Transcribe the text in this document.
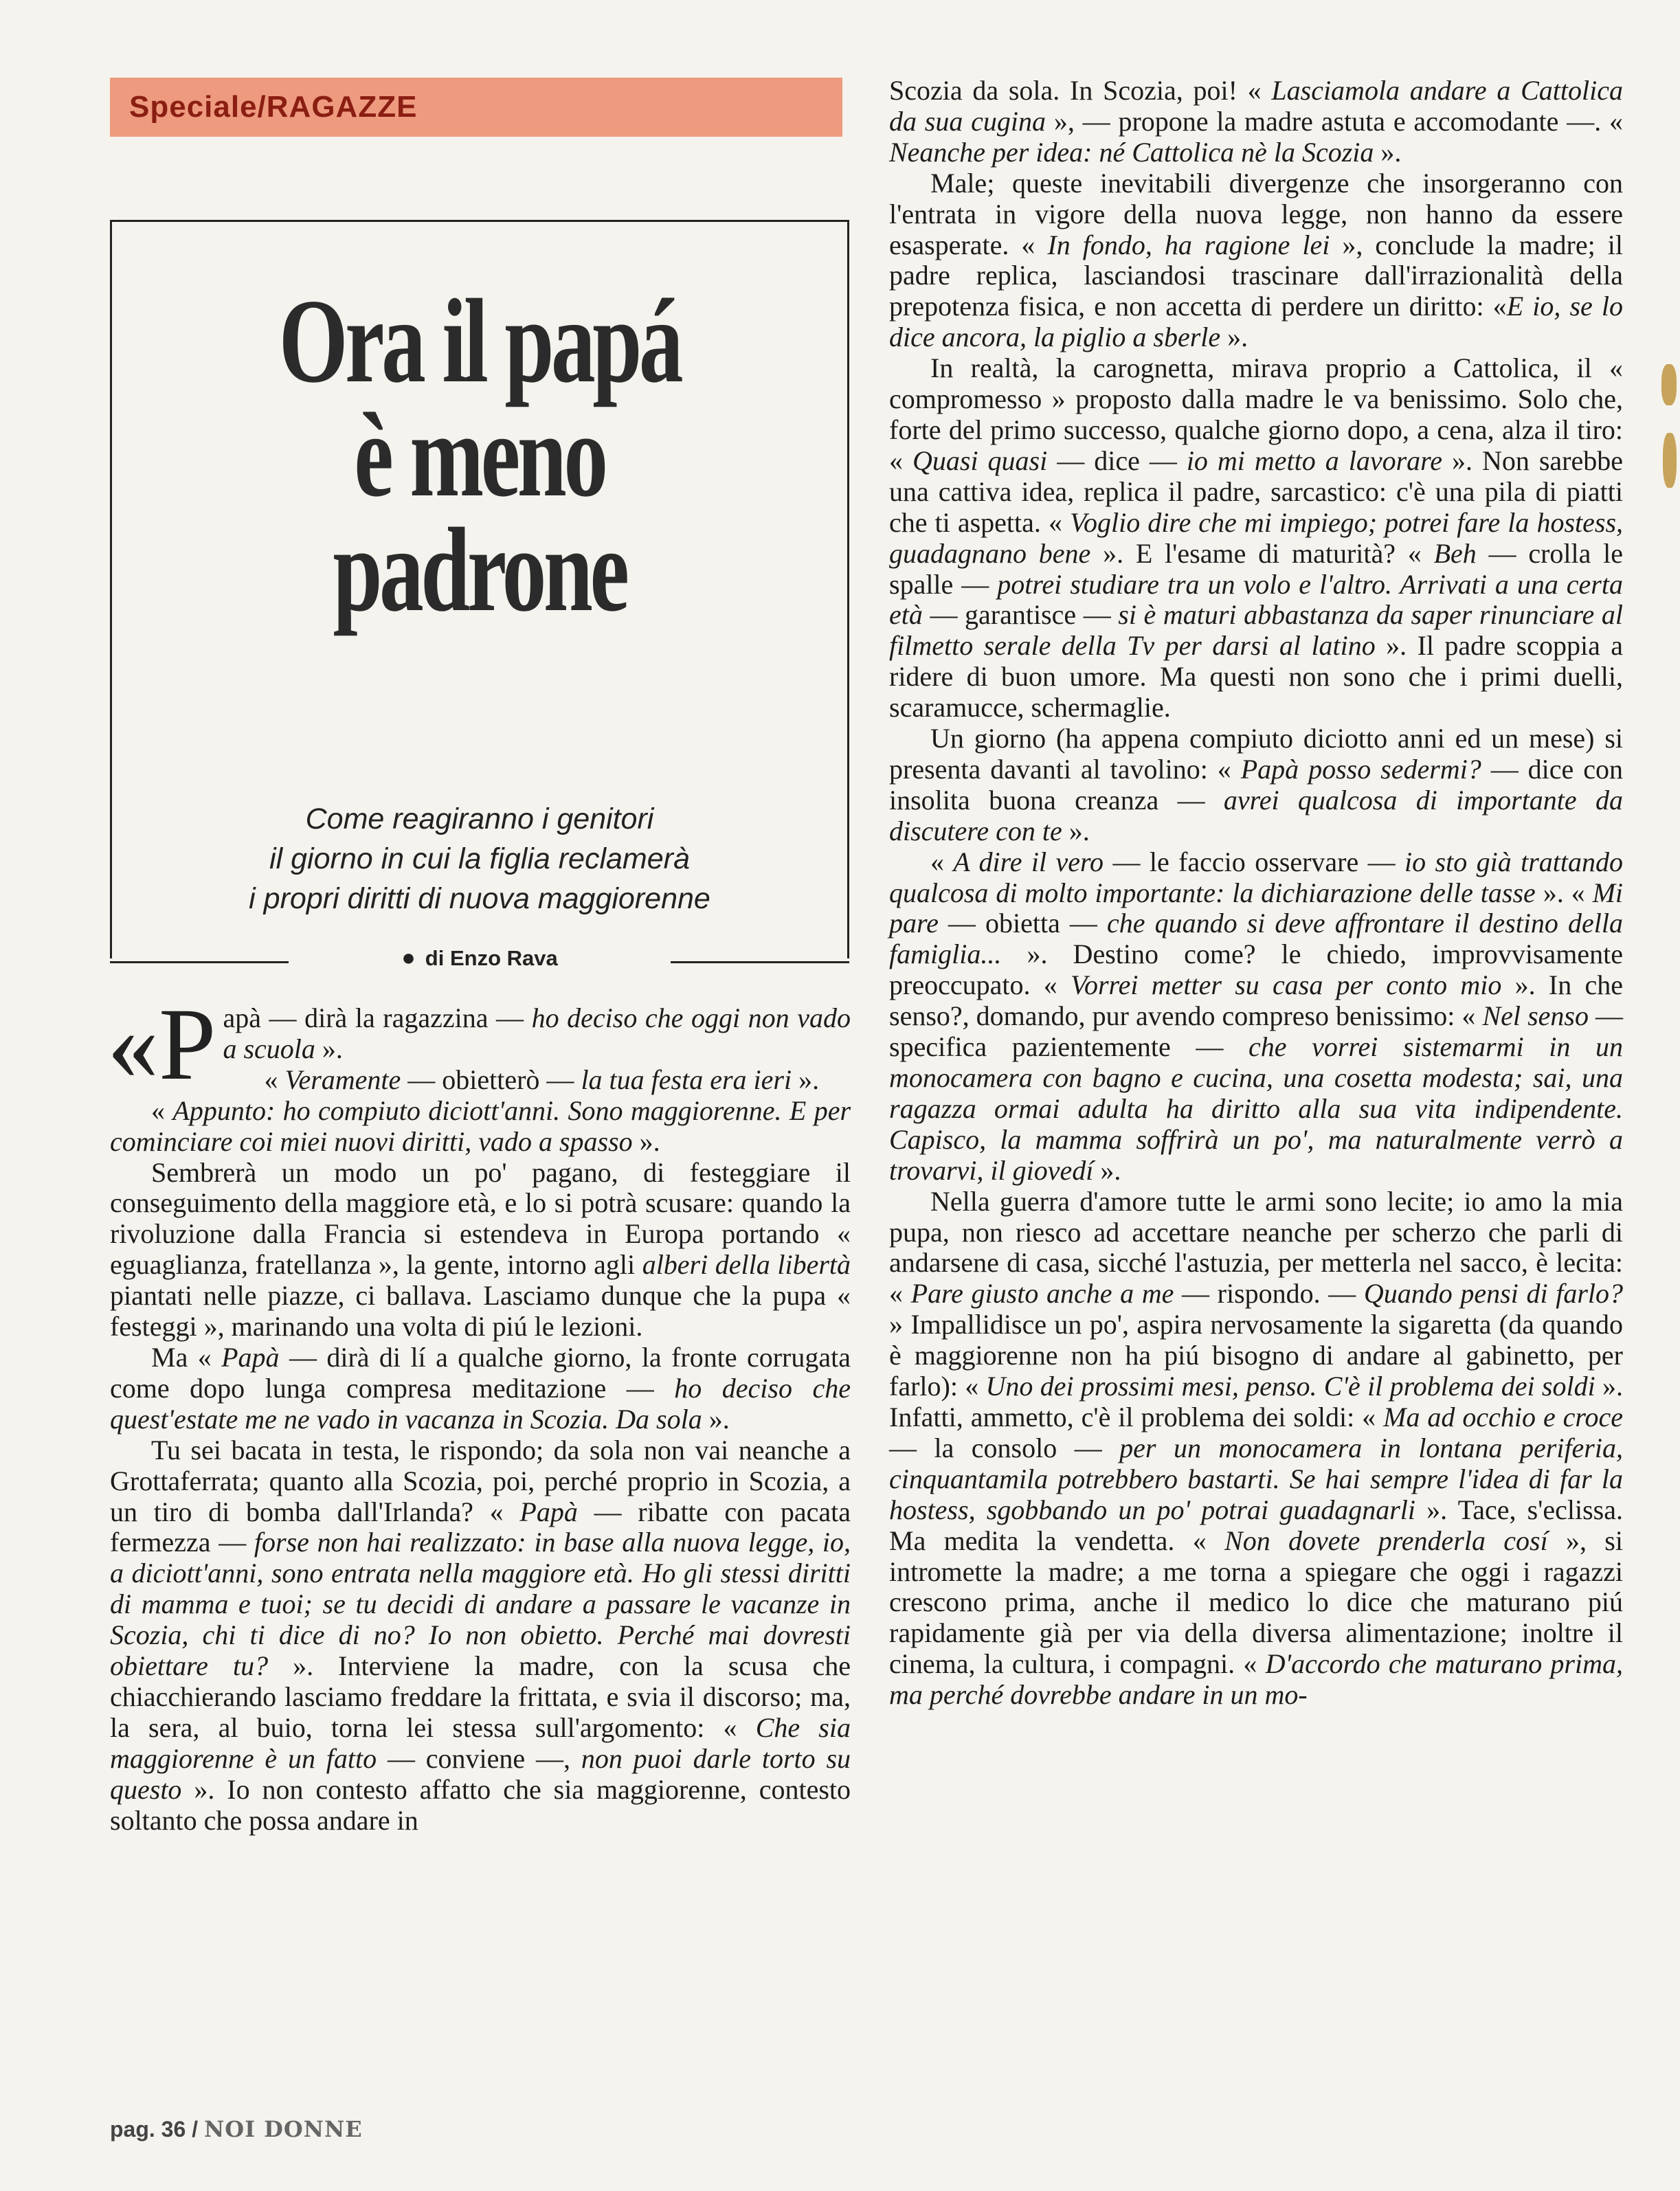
Speciale/RAGAZZE
Ora il papá
è meno
padrone
Come reagiranno i genitori
il giorno in cui la figlia reclamerà
i propri diritti di nuova maggiorenne
● di Enzo Rava

«Papà — dirà la ragazzina — ho deciso che oggi non vado a scuola ».

« Veramente — obietterò — la tua festa era ieri ».

« Appunto: ho compiuto diciott'anni. Sono maggiorenne. E per cominciare coi miei nuovi diritti, vado a spasso ».

Sembrerà un modo un po' pagano, di festeggiare il conseguimento della maggiore età, e lo si potrà scusare: quando la rivoluzione dalla Francia si estendeva in Europa portando « eguaglianza, fratellanza », la gente, intorno agli alberi della libertà piantati nelle piazze, ci ballava. Lasciamo dunque che la pupa « festeggi », marinando una volta di piú le lezioni.

Ma « Papà — dirà di lí a qualche giorno, la fronte corrugata come dopo lunga compresa meditazione — ho deciso che quest'estate me ne vado in vacanza in Scozia. Da sola ».

Tu sei bacata in testa, le rispondo; da sola non vai neanche a Grottaferrata; quanto alla Scozia, poi, perché proprio in Scozia, a un tiro di bomba dall'Irlanda? « Papà — ribatte con pacata fermezza — forse non hai realizzato: in base alla nuova legge, io, a diciott'anni, sono entrata nella maggiore età. Ho gli stessi diritti di mamma e tuoi; se tu decidi di andare a passare le vacanze in Scozia, chi ti dice di no? Io non obietto. Perché mai dovresti obiettare tu? ». Interviene la madre, con la scusa che chiacchierando lasciamo freddare la frittata, e svia il discorso; ma, la sera, al buio, torna lei stessa sull'argomento: « Che sia maggiorenne è un fatto — conviene —, non puoi darle torto su questo ». Io non contesto affatto che sia maggiorenne, contesto soltanto che possa andare in

Scozia da sola. In Scozia, poi! « Lasciamola andare a Cattolica da sua cugina », — propone la madre astuta e accomodante —. « Neanche per idea: né Cattolica nè la Scozia ».

Male; queste inevitabili divergenze che insorgeranno con l'entrata in vigore della nuova legge, non hanno da essere esasperate. « In fondo, ha ragione lei », conclude la madre; il padre replica, lasciandosi trascinare dall'irrazionalità della prepotenza fisica, e non accetta di perdere un diritto: «E io, se lo dice ancora, la piglio a sberle ».

In realtà, la carognetta, mirava proprio a Cattolica, il « compromesso » proposto dalla madre le va benissimo. Solo che, forte del primo successo, qualche giorno dopo, a cena, alza il tiro: « Quasi quasi — dice — io mi metto a lavorare ». Non sarebbe una cattiva idea, replica il padre, sarcastico: c'è una pila di piatti che ti aspetta. « Voglio dire che mi impiego; potrei fare la hostess, guadagnano bene ». E l'esame di maturità? « Beh — crolla le spalle — potrei studiare tra un volo e l'altro. Arrivati a una certa età — garantisce — si è maturi abbastanza da saper rinunciare al filmetto serale della Tv per darsi al latino ». Il padre scoppia a ridere di buon umore. Ma questi non sono che i primi duelli, scaramucce, schermaglie.

Un giorno (ha appena compiuto diciotto anni ed un mese) si presenta davanti al tavolino: « Papà posso sedermi? — dice con insolita buona creanza — avrei qualcosa di importante da discutere con te ».

« A dire il vero — le faccio osservare — io sto già trattando qualcosa di molto importante: la dichiarazione delle tasse ». « Mi pare — obietta — che quando si deve affrontare il destino della famiglia... ». Destino come? le chiedo, improvvisamente preoccupato. « Vorrei metter su casa per conto mio ». In che senso?, domando, pur avendo compreso benissimo: « Nel senso — specifica pazientemente — che vorrei sistemarmi in un monocamera con bagno e cucina, una cosetta modesta; sai, una ragazza ormai adulta ha diritto alla sua vita indipendente. Capisco, la mamma soffrirà un po', ma naturalmente verrò a trovarvi, il giovedí ».

Nella guerra d'amore tutte le armi sono lecite; io amo la mia pupa, non riesco ad accettare neanche per scherzo che parli di andarsene di casa, sicché l'astuzia, per metterla nel sacco, è lecita: « Pare giusto anche a me — rispondo. — Quando pensi di farlo? » Impallidisce un po', aspira nervosamente la sigaretta (da quando è maggiorenne non ha piú bisogno di andare al gabinetto, per farlo): « Uno dei prossimi mesi, penso. C'è il problema dei soldi ». Infatti, ammetto, c'è il problema dei soldi: « Ma ad occhio e croce — la consolo — per un monocamera in lontana periferia, cinquantamila potrebbero bastarti. Se hai sempre l'idea di far la hostess, sgobbando un po' potrai guadagnarli ». Tace, s'eclissa. Ma medita la vendetta. « Non dovete prenderla cosí », si intromette la madre; a me torna a spiegare che oggi i ragazzi crescono prima, anche il medico lo dice che maturano piú rapidamente già per via della diversa alimentazione; inoltre il cinema, la cultura, i compagni. « D'accordo che maturano prima, ma perché dovrebbe andare in un mo-

pag. 36 / NOI DONNE
